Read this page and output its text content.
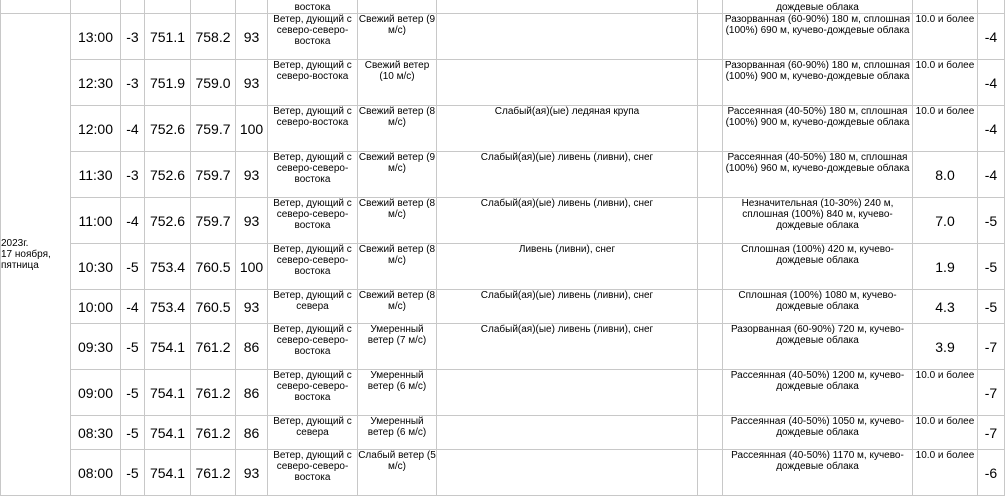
						востока				дождевые облака		

2023г.
17 ноября,
пятница	13:00	-3	751.1	758.2	93	Ветер, дующий с северо-северо-востока	Свежий ветер (9 м/с)			Разорванная (60-90%) 180 м, сплошная (100%) 690 м, кучево-дождевые облака	10.0 и более	-4
	12:30	-3	751.9	759.0	93	Ветер, дующий с северо-востока	Свежий ветер (10 м/с)			Разорванная (60-90%) 180 м, сплошная (100%) 900 м, кучево-дождевые облака	10.0 и более	-4
	12:00	-4	752.6	759.7	100	Ветер, дующий с северо-востока	Свежий ветер (8 м/с)	Слабый(ая)(ые) ледяная крупа		Рассеянная (40-50%) 180 м, сплошная (100%) 900 м, кучево-дождевые облака	10.0 и более	-4
	11:30	-3	752.6	759.7	93	Ветер, дующий с северо-северо-востока	Свежий ветер (9 м/с)	Слабый(ая)(ые) ливень (ливни), снег		Рассеянная (40-50%) 180 м, сплошная (100%) 960 м, кучево-дождевые облака	8.0	-4
	11:00	-4	752.6	759.7	93	Ветер, дующий с северо-северо-востока	Свежий ветер (8 м/с)	Слабый(ая)(ые) ливень (ливни), снег		Незначительная (10-30%) 240 м, сплошная (100%) 840 м, кучево-дождевые облака	7.0	-5
	10:30	-5	753.4	760.5	100	Ветер, дующий с северо-северо-востока	Свежий ветер (8 м/с)	Ливень (ливни), снег		Сплошная (100%) 420 м, кучево-дождевые облака	1.9	-5
	10:00	-4	753.4	760.5	93	Ветер, дующий с севера	Свежий ветер (8 м/с)	Слабый(ая)(ые) ливень (ливни), снег		Сплошная (100%) 1080 м, кучево-дождевые облака	4.3	-5
	09:30	-5	754.1	761.2	86	Ветер, дующий с северо-северо-востока	Умеренный ветер (7 м/с)	Слабый(ая)(ые) ливень (ливни), снег		Разорванная (60-90%) 720 м, кучево-дождевые облака	3.9	-7
	09:00	-5	754.1	761.2	86	Ветер, дующий с северо-северо-востока	Умеренный ветер (6 м/с)			Рассеянная (40-50%) 1200 м, кучево-дождевые облака	10.0 и более	-7
	08:30	-5	754.1	761.2	86	Ветер, дующий с севера	Умеренный ветер (6 м/с)			Рассеянная (40-50%) 1050 м, кучево-дождевые облака	10.0 и более	-7
	08:00	-5	754.1	761.2	93	Ветер, дующий с северо-северо-востока	Слабый ветер (5 м/с)			Рассеянная (40-50%) 1170 м, кучево-дождевые облака	10.0 и более	-6
